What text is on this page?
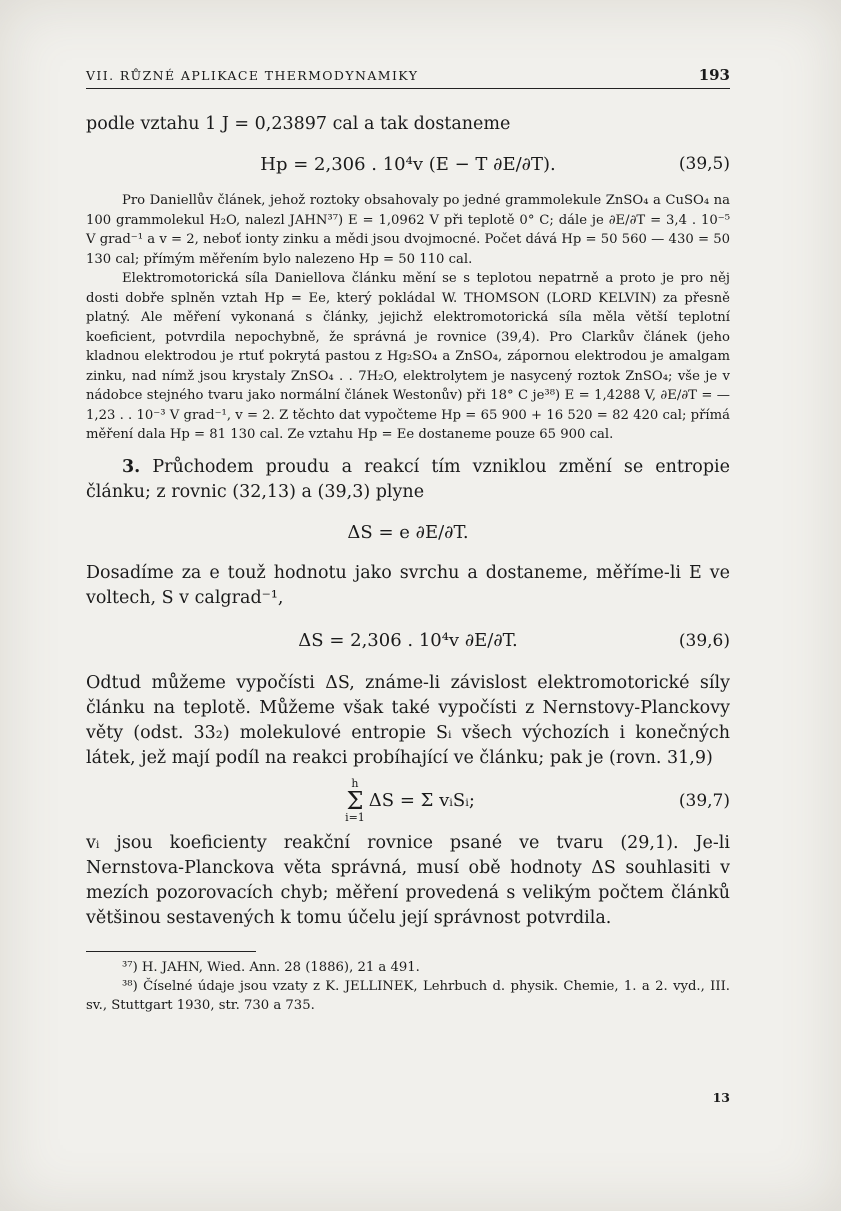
VII. RŮZNÉ APLIKACE THERMODYNAMIKY	193

podle vztahu 1 J = 0,23897 cal a tak dostaneme

Hp = 2,306 . 10⁴v (E − T ∂E/∂T).	(39,5)

Pro Daniellův článek, jehož roztoky obsahovaly po jedné grammolekule ZnSO₄ a CuSO₄ na 100 grammolekul H₂O, nalezl JAHN³⁷) E = 1,0962 V při teplotě 0° C; dále je ∂E/∂T = 3,4 . 10⁻⁵ V grad⁻¹ a v = 2, neboť ionty zinku a mědi jsou dvojmocné. Počet dává Hp = 50 560 — 430 = 50 130 cal; přímým měřením bylo nalezeno Hp = 50 110 cal.

Elektromotorická síla Daniellova článku mění se s teplotou nepatrně a proto je pro něj dosti dobře splněn vztah Hp = Ee, který pokládal W. THOMSON (LORD KELVIN) za přesně platný. Ale měření vykonaná s články, jejichž elektromotorická síla měla větší teplotní koeficient, potvrdila nepochybně, že správná je rovnice (39,4). Pro Clarkův článek (jeho kladnou elektrodou je rtuť pokrytá pastou z Hg₂SO₄ a ZnSO₄, zápornou elektrodou je amalgam zinku, nad nímž jsou krystaly ZnSO₄ . . 7H₂O, elektrolytem je nasycený roztok ZnSO₄; vše je v nádobce stejného tvaru jako normální článek Westonův) při 18° C je³⁸) E = 1,4288 V, ∂E/∂T = — 1,23 . . 10⁻³ V grad⁻¹, v = 2. Z těchto dat vypočteme Hp = 65 900 + 16 520 = 82 420 cal; přímá měření dala Hp = 81 130 cal. Ze vztahu Hp = Ee dostaneme pouze 65 900 cal.

3. Průchodem proudu a reakcí tím vzniklou změní se entropie článku; z rovnic (32,13) a (39,3) plyne

ΔS = e ∂E/∂T.

Dosadíme za e touž hodnotu jako svrchu a dostaneme, měříme-li E ve voltech, S v calgrad⁻¹,

ΔS = 2,306 . 10⁴v ∂E/∂T.	(39,6)

Odtud můžeme vypočísti ΔS, známe-li závislost elektromotorické síly článku na teplotě. Můžeme však také vypočísti z Nernstovy-Planckovy věty (odst. 33₂) molekulové entropie Sᵢ všech výchozích i konečných látek, jež mají podíl na reakci probíhající ve článku; pak je (rovn. 31,9)

h
Σ
i=1
ΔS = Σ vᵢSᵢ;	(39,7)

vᵢ jsou koeficienty reakční rovnice psané ve tvaru (29,1). Je-li Nernstova-Planckova věta správná, musí obě hodnoty ΔS souhlasiti v mezích pozorovacích chyb; měření provedená s velikým počtem článků většinou sestavených k tomu účelu její správnost potvrdila.

³⁷) H. JAHN, Wied. Ann. 28 (1886), 21 a 491.

³⁸) Číselné údaje jsou vzaty z K. JELLINEK, Lehrbuch d. physik. Chemie, 1. a 2. vyd., III. sv., Stuttgart 1930, str. 730 a 735.

13
